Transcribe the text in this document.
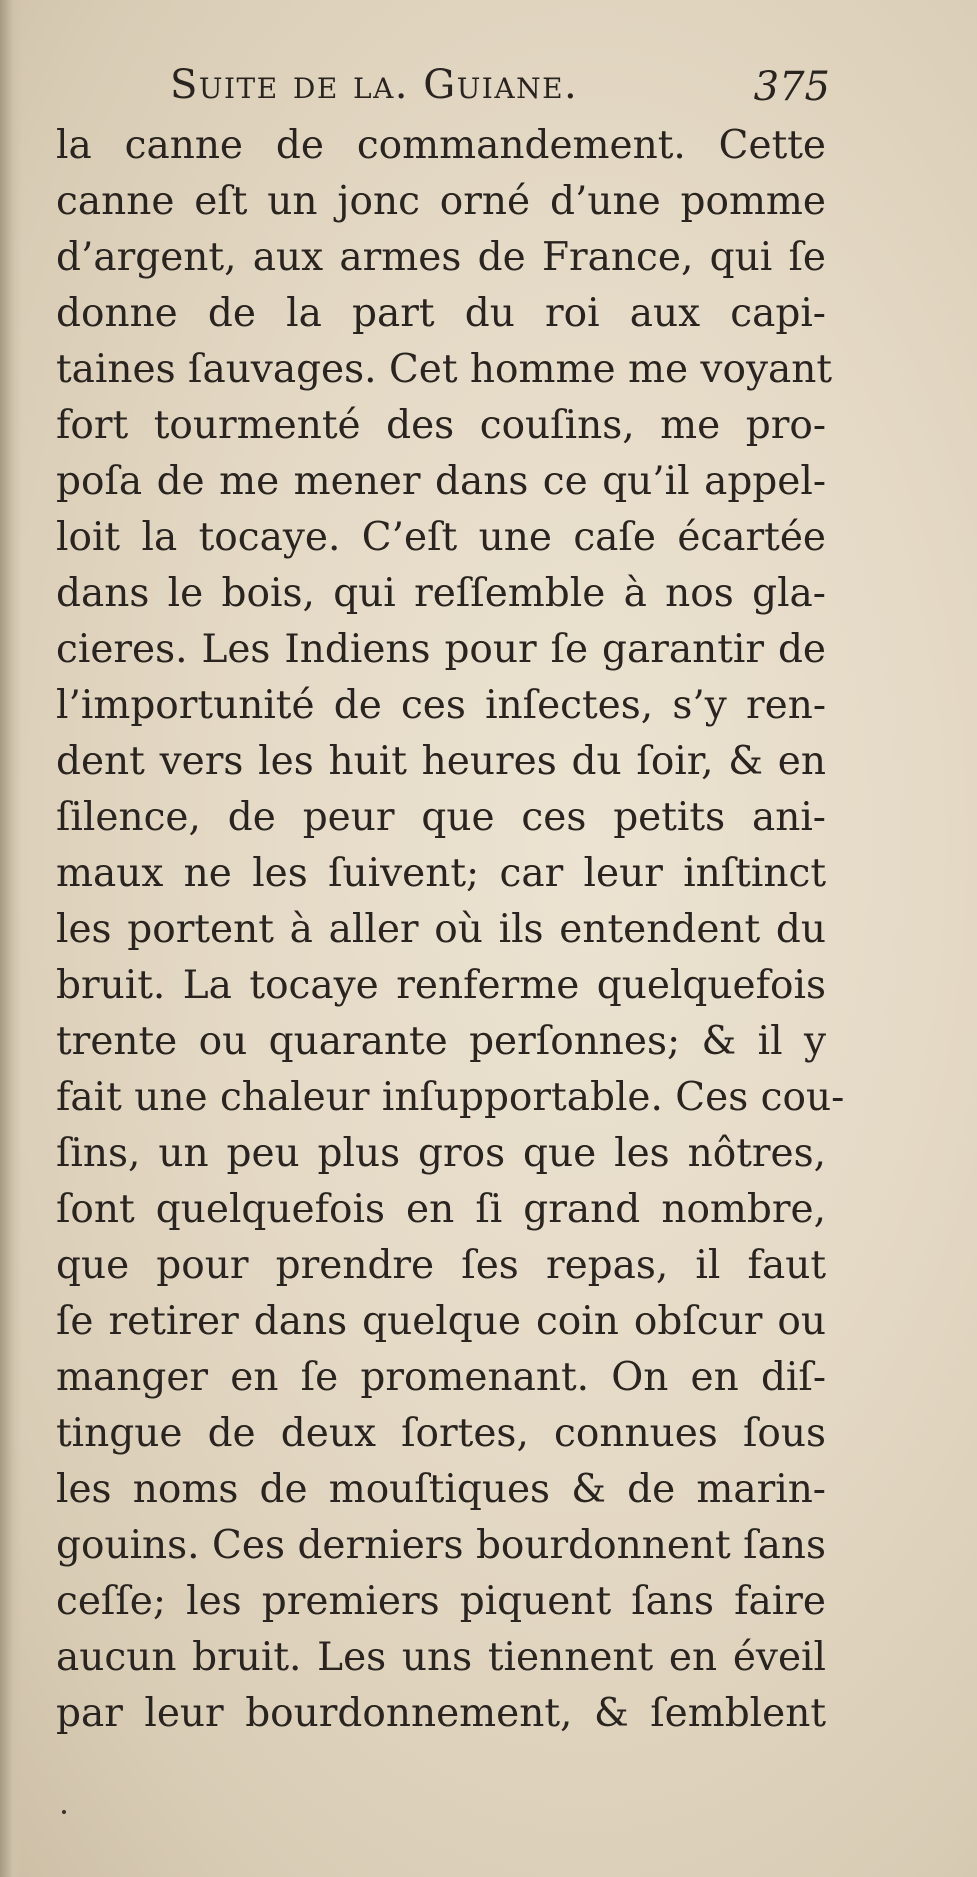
Suite de la. Guiane.	375
la canne de commandement. Cette
canne eſt un jonc orné d’une pomme
d’argent, aux armes de France, qui ſe
donne de la part du roi aux capi-
taines ſauvages. Cet homme me voyant
fort tourmenté des couſins, me pro-
poſa de me mener dans ce qu’il appel-
loit la tocaye. C’eſt une caſe écartée
dans le bois, qui reſſemble à nos gla-
cieres. Les Indiens pour ſe garantir de
l’importunité de ces inſectes, s’y ren-
dent vers les huit heures du ſoir, & en
ſilence, de peur que ces petits ani-
maux ne les ſuivent; car leur inſtinct
les portent à aller où ils entendent du
bruit. La tocaye renferme quelquefois
trente ou quarante perſonnes; & il y
fait une chaleur inſupportable. Ces cou-
ſins, un peu plus gros que les nôtres,
ſont quelquefois en ſi grand nombre,
que pour prendre ſes repas, il faut
ſe retirer dans quelque coin obſcur ou
manger en ſe promenant. On en diſ-
tingue de deux ſortes, connues ſous
les noms de mouſtiques & de marin-
gouins. Ces derniers bourdonnent ſans
ceſſe; les premiers piquent ſans faire
aucun bruit. Les uns tiennent en éveil
par leur bourdonnement, & ſemblent
